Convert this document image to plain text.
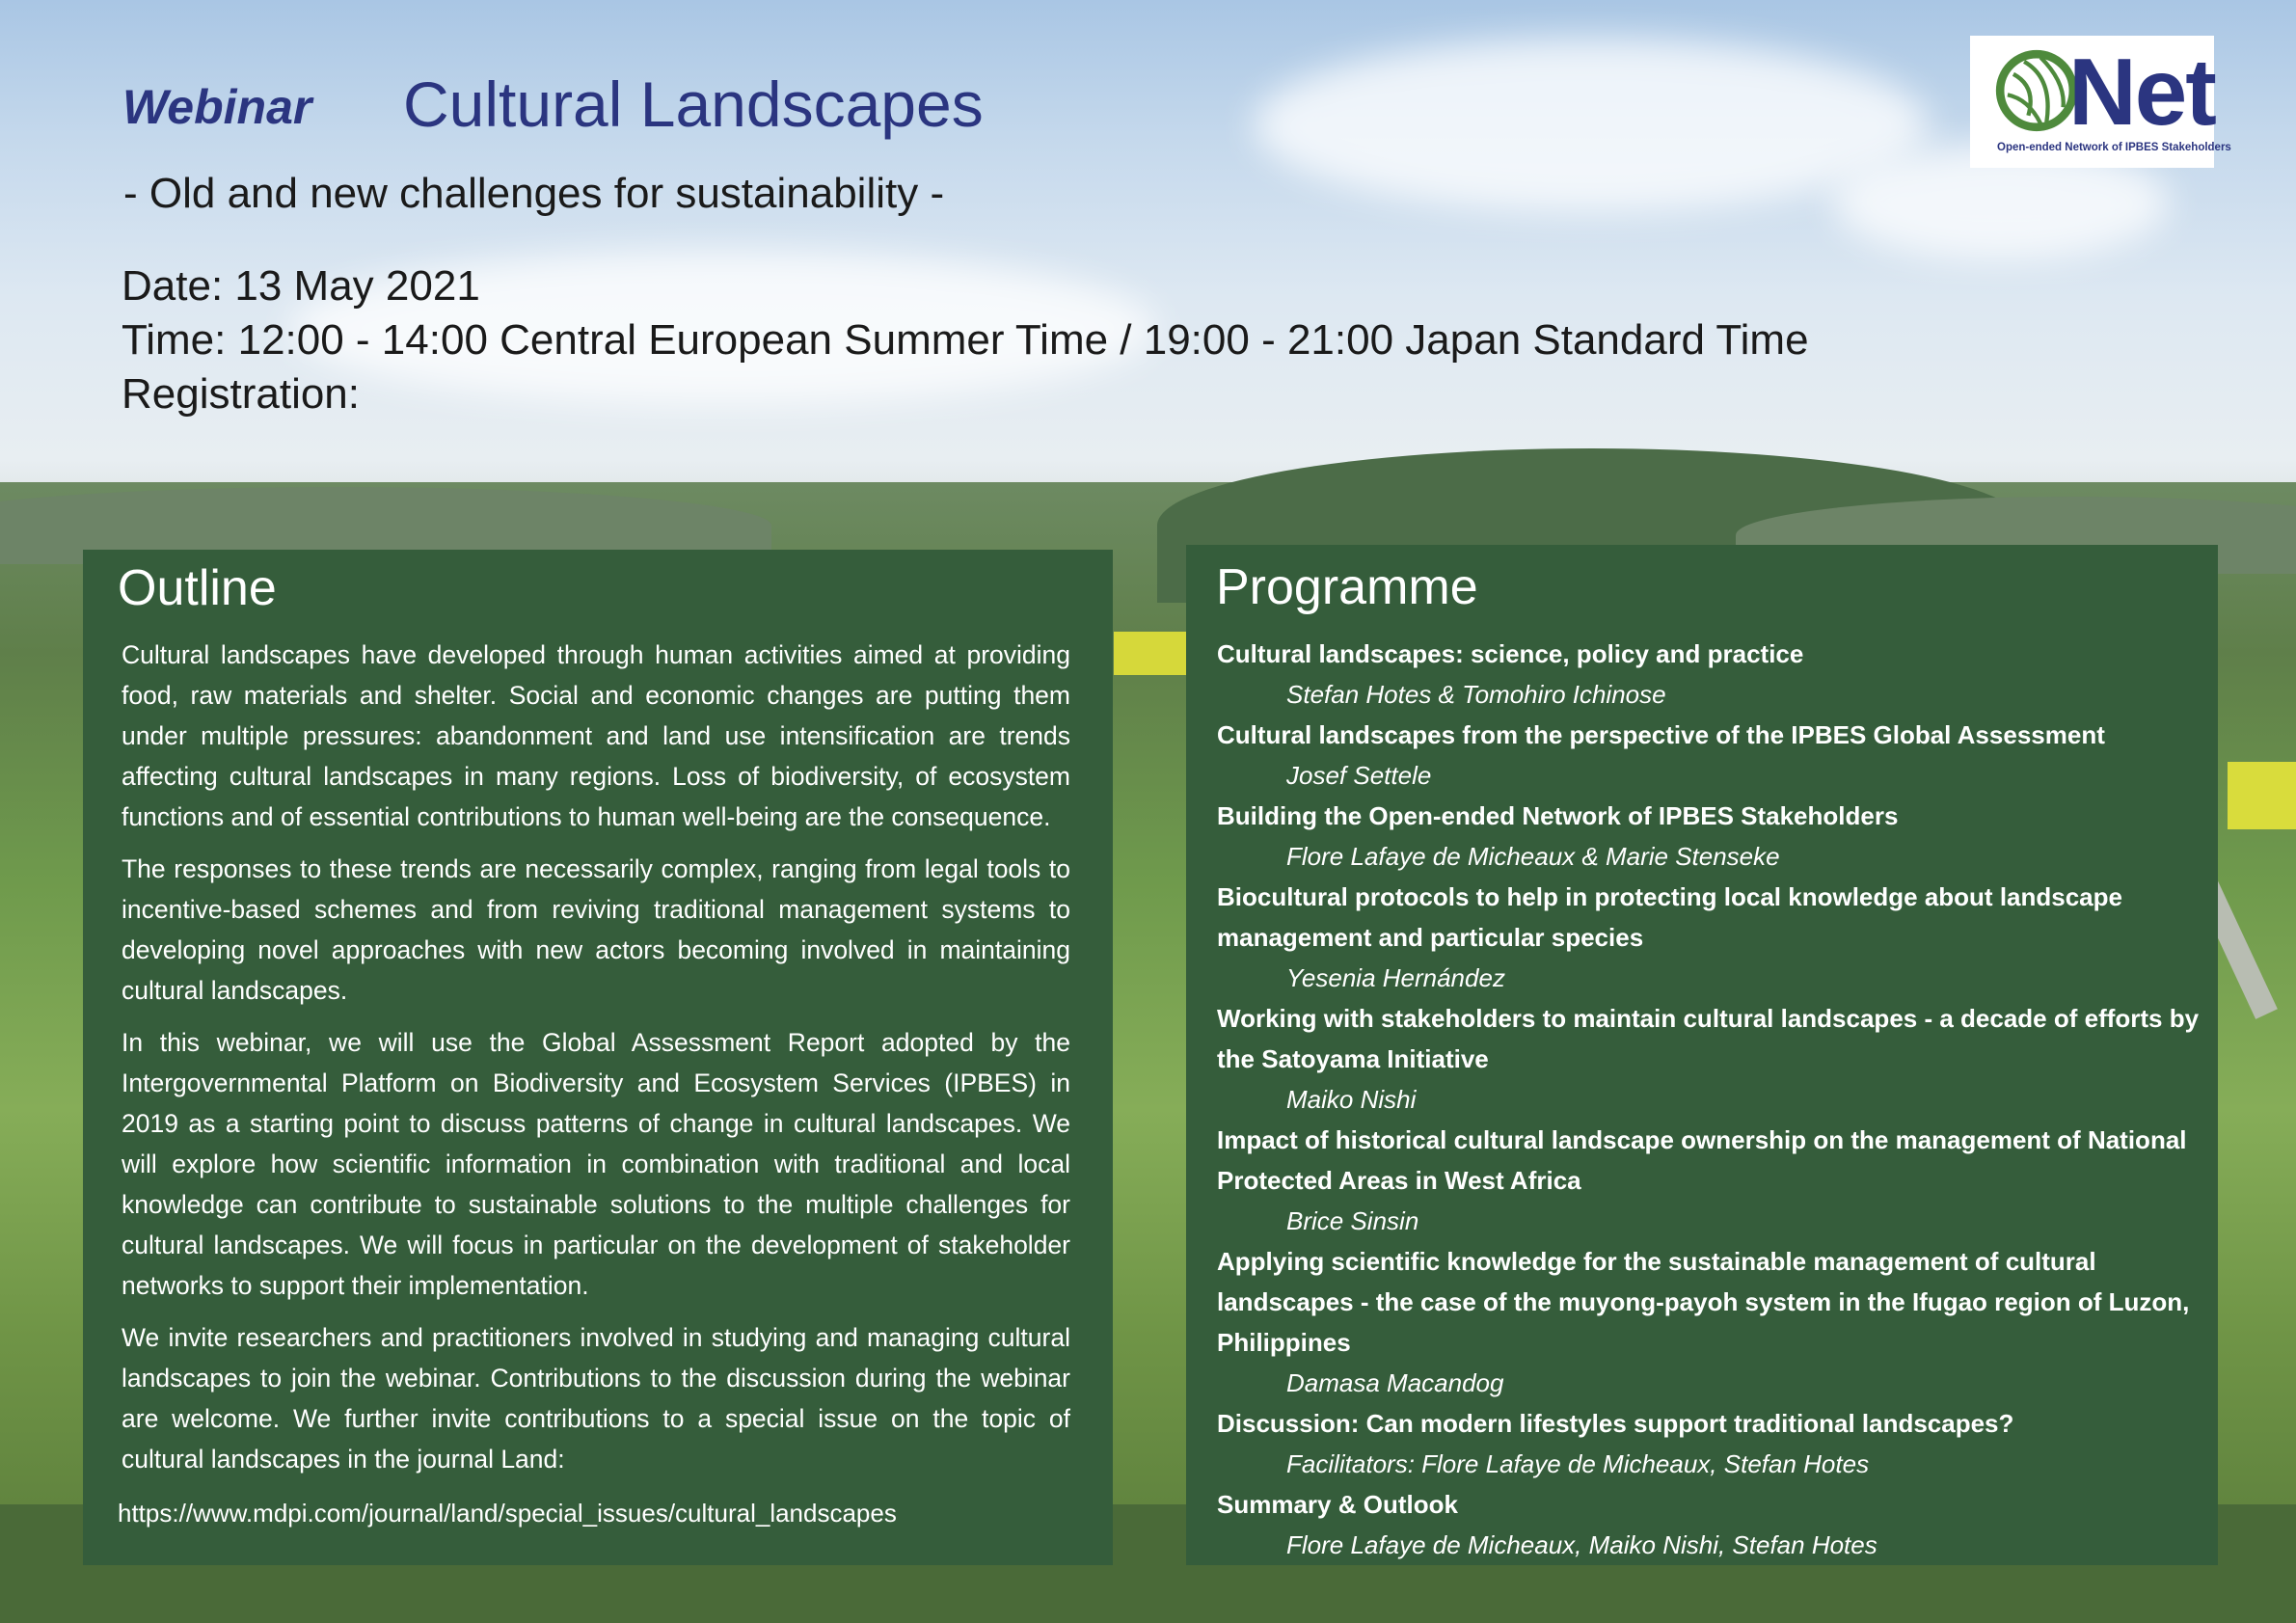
Webinar Cultural Landscapes
- Old and new challenges for sustainability -
Date: 13 May 2021
Time: 12:00 - 14:00 Central European Summer Time / 19:00 - 21:00 Japan Standard Time
Registration:
Net
Open-ended Network of IPBES Stakeholders
Outline

Cultural landscapes have developed through human activities aimed at providing food, raw materials and shelter. Social and economic changes are putting them under multiple pressures: abandonment and land use intensification are trends affecting cultural landscapes in many regions. Loss of biodiversity, of ecosystem functions and of essential contributions to human well-being are the consequence.

The responses to these trends are necessarily complex, ranging from legal tools to incentive-based schemes and from reviving traditional management systems to developing novel approaches with new actors becoming involved in maintaining cultural landscapes.

In this webinar, we will use the Global Assessment Report adopted by the Intergovernmental Platform on Biodiversity and Ecosystem Services (IPBES) in 2019 as a starting point to discuss patterns of change in cultural landscapes. We will explore how scientific information in combination with traditional and local knowledge can contribute to sustainable solutions to the multiple challenges for cultural landscapes. We will focus in particular on the development of stakeholder networks to support their implementation.

We invite researchers and practitioners involved in studying and managing cultural landscapes to join the webinar. Contributions to the discussion during the webinar are welcome. We further invite contributions to a special issue on the topic of cultural landscapes in the journal Land:

https://www.mdpi.com/journal/land/special_issues/cultural_landscapes
Programme
Cultural landscapes: science, policy and practice
Stefan Hotes & Tomohiro Ichinose
Cultural landscapes from the perspective of the IPBES Global Assessment
Josef Settele
Building the Open-ended Network of IPBES Stakeholders
Flore Lafaye de Micheaux & Marie Stenseke
Biocultural protocols to help in protecting local knowledge about landscape management and particular species
Yesenia Hernández
Working with stakeholders to maintain cultural landscapes - a decade of efforts by the Satoyama Initiative
Maiko Nishi
Impact of historical cultural landscape ownership on the management of National Protected Areas in West Africa
Brice Sinsin
Applying scientific knowledge for the sustainable management of cultural landscapes - the case of the muyong-payoh system in the Ifugao region of Luzon, Philippines
Damasa Macandog
Discussion: Can modern lifestyles support traditional landscapes?
Facilitators: Flore Lafaye de Micheaux, Stefan Hotes
Summary & Outlook
Flore Lafaye de Micheaux, Maiko Nishi, Stefan Hotes
